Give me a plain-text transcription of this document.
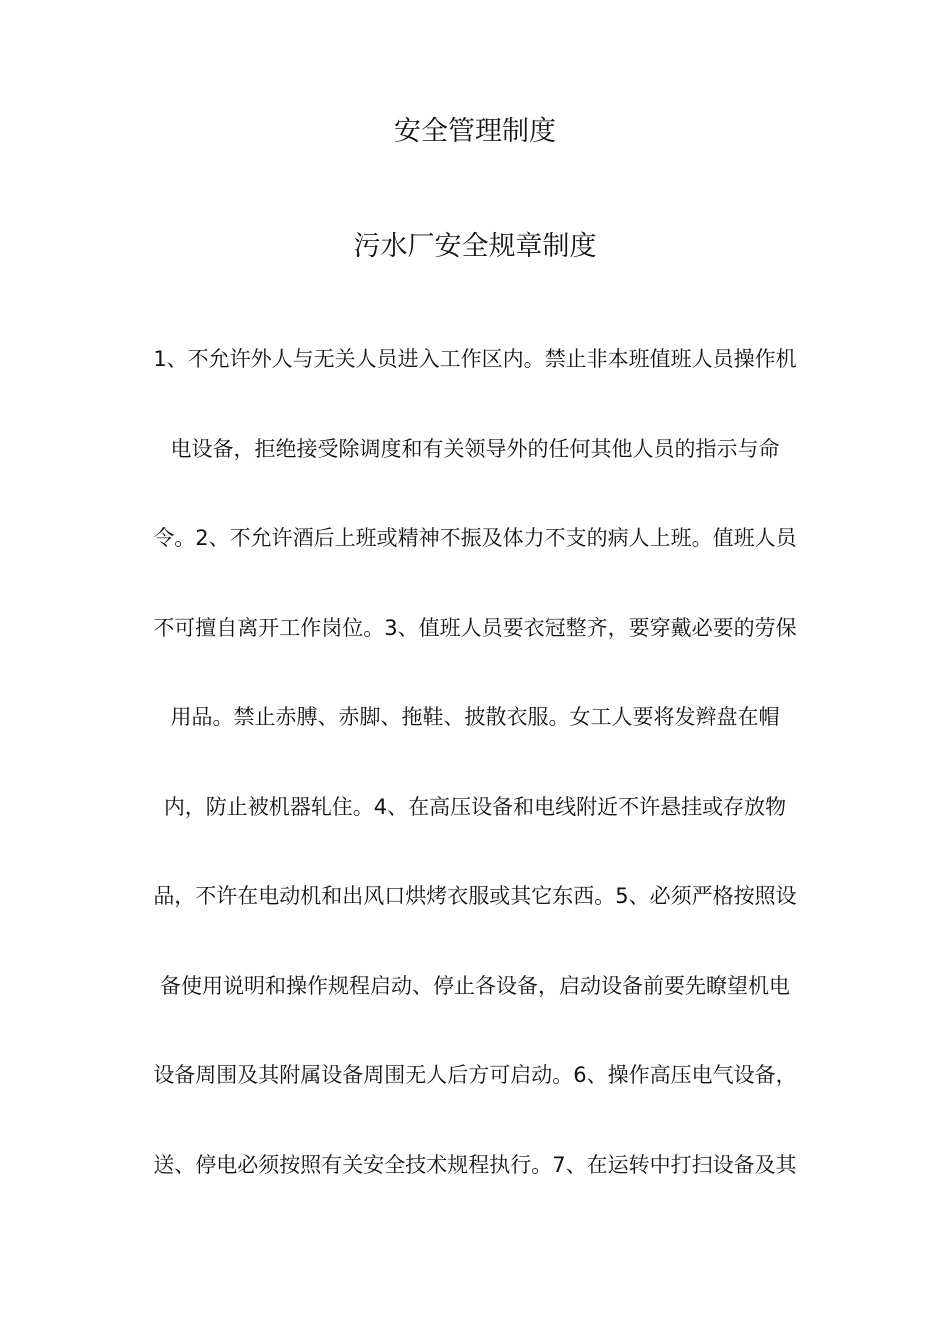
安全管理制度
污水厂安全规章制度
1、不允许外人与无关人员进入工作区内。禁止非本班值班人员操作机
电设备，拒绝接受除调度和有关领导外的任何其他人员的指示与命
令。2、不允许酒后上班或精神不振及体力不支的病人上班。值班人员
不可擅自离开工作岗位。3、值班人员要衣冠整齐，要穿戴必要的劳保
用品。禁止赤膊、赤脚、拖鞋、披散衣服。女工人要将发辫盘在帽
内，防止被机器轧住。4、在高压设备和电线附近不许悬挂或存放物
品，不许在电动机和出风口烘烤衣服或其它东西。5、必须严格按照设
备使用说明和操作规程启动、停止各设备，启动设备前要先瞭望机电
设备周围及其附属设备周围无人后方可启动。6、操作高压电气设备，
送、停电必须按照有关安全技术规程执行。7、在运转中打扫设备及其
